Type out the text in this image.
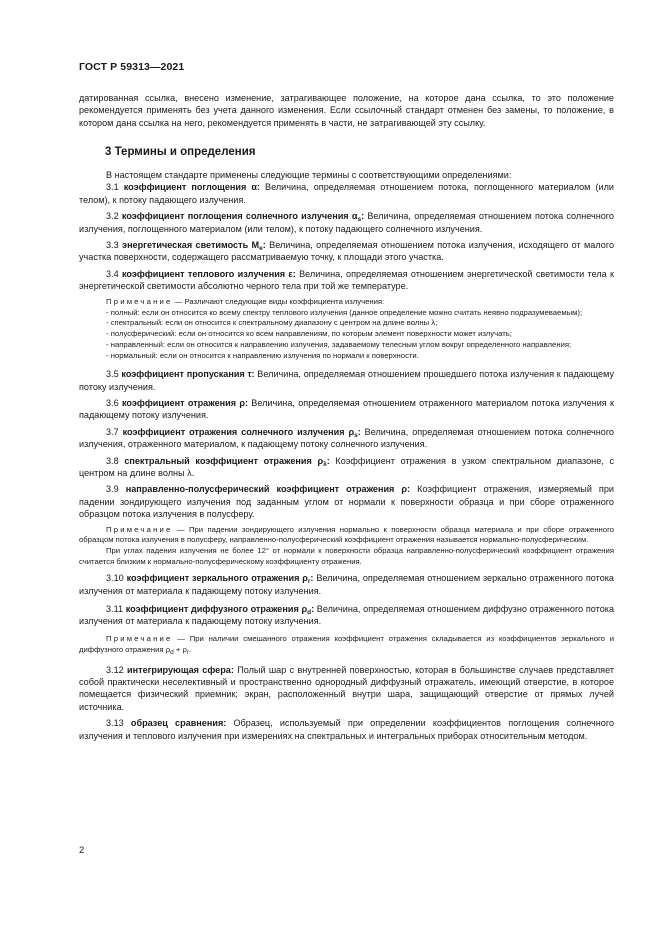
ГОСТ Р 59313—2021

датированная ссылка, внесено изменение, затрагивающее положение, на которое дана ссылка, то это положение рекомендуется применять без учета данного изменения. Если ссылочный стандарт отменен без замены, то положение, в котором дана ссылка на него, рекомендуется применять в части, не затрагивающей эту ссылку.

3 Термины и определения

В настоящем стандарте применены следующие термины с соответствующими определениями:

3.1 коэффициент поглощения α: Величина, определяемая отношением потока, поглощенного материалом (или телом), к потоку падающего излучения.

3.2 коэффициент поглощения солнечного излучения $\alpha_s$: Величина, определяемая отношением потока солнечного излучения, поглощенного материалом (или телом), к потоку падающего солнечного излучения.

3.3 энергетическая светимость $M_e$: Величина, определяемая отношением потока излучения, исходящего от малого участка поверхности, содержащего рассматриваемую точку, к площади этого участка.

3.4 коэффициент теплового излучения ε: Величина, определяемая отношением энергетической светимости тела к энергетической светимости абсолютно черного тела при той же температуре.

Примечание — Различают следующие виды коэффициента излучения:

- полный: если он относится ко всему спектру теплового излучения (данное определение можно считать неявно подразумеваемым);

- спектральный: если он относится к спектральному диапазону с центром на длине волны λ;

- полусферический: если он относится ко всем направлениям, по которым элемент поверхности может излучать;

- направленный: если он относится к направлению излучения, задаваемому телесным углом вокруг определенного направления;

- нормальный: если он относится к направлению излучения по нормали к поверхности.

3.5 коэффициент пропускания τ: Величина, определяемая отношением прошедшего потока излучения к падающему потоку излучения.

3.6 коэффициент отражения ρ: Величина, определяемая отношением отраженного материалом потока излучения к падающему потоку излучения.

3.7 коэффициент отражения солнечного излучения $\rho_s$: Величина, определяемая отношением потока солнечного излучения, отраженного материалом, к падающему потоку солнечного излучения.

3.8 спектральный коэффициент отражения $\rho_\lambda$: Коэффициент отражения в узком спектральном диапазоне, с центром на длине волны λ.

3.9 направленно-полусферический коэффициент отражения ρ: Коэффициент отражения, измеряемый при падении зондирующего излучения под заданным углом от нормали к поверхности образца и при сборе отраженного образцом потока излучения в полусферу.

Примечание — При падении зондирующего излучения нормально к поверхности образца материала и при сборе отраженного образцом потока излучения в полусферу, направленно-полусферический коэффициент отражения называется нормально-полусферическим.

При углах падения излучения не более 12° от нормали к поверхности образца направленно-полусферический коэффициент отражения считается близким к нормально-полусферическому коэффициенту отражения.

3.10 коэффициент зеркального отражения $\rho_r$: Величина, определяемая отношением зеркально отраженного потока излучения от материала к падающему потоку излучения.

3.11 коэффициент диффузного отражения $\rho_d$: Величина, определяемая отношением диффузно отраженного потока излучения от материала к падающему потоку излучения.

Примечание — При наличии смешанного отражения коэффициент отражения складывается из коэффициентов зеркального и диффузного отражения $\rho_d + \rho_r$.

3.12 интегрирующая сфера: Полый шар с внутренней поверхностью, которая в большинстве случаев представляет собой практически неселективный и пространственно однородный диффузный отражатель, имеющий отверстие, в которое помещается физический приемник; экран, расположенный внутри шара, защищающий отверстие от прямых лучей источника.

3.13 образец сравнения: Образец, используемый при определении коэффициентов поглощения солнечного излучения и теплового излучения при измерениях на спектральных и интегральных приборах относительным методом.

2
